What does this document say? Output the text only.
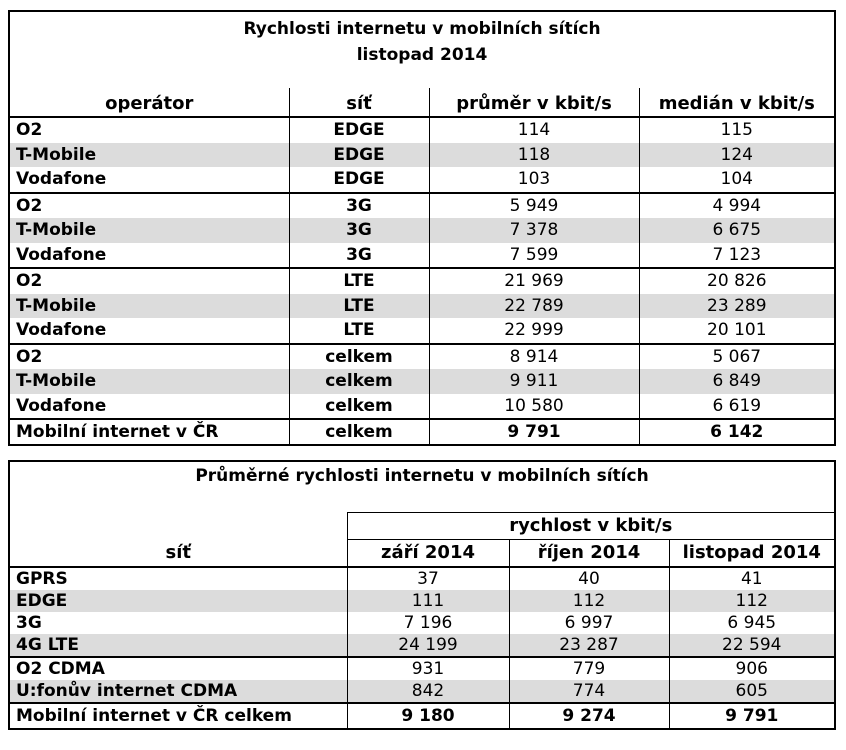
Rychlosti internetu v mobilních sítích
listopad 2014			

operátor	síť	průměr v kbit/s	medián v kbit/s
O2	EDGE	114	115
T-Mobile	EDGE	118	124
Vodafone	EDGE	103	104
O2	3G	5 949	4 994
T-Mobile	3G	7 378	6 675
Vodafone	3G	7 599	7 123
O2	LTE	21 969	20 826
T-Mobile	LTE	22 789	23 289
Vodafone	LTE	22 999	20 101
O2	celkem	8 914	5 067
T-Mobile	celkem	9 911	6 849
Vodafone	celkem	10 580	6 619
Mobilní internet v ČR	celkem	9 791	6 142
Průměrné rychlosti internetu v mobilních sítích			
	rychlost v kbit/s		
síť	září 2014	říjen 2014	listopad 2014
GPRS	37	40	41
EDGE	111	112	112
3G	7 196	6 997	6 945
4G LTE	24 199	23 287	22 594
O2 CDMA	931	779	906
U:fonův internet CDMA	842	774	605
Mobilní internet v ČR celkem	9 180	9 274	9 791
